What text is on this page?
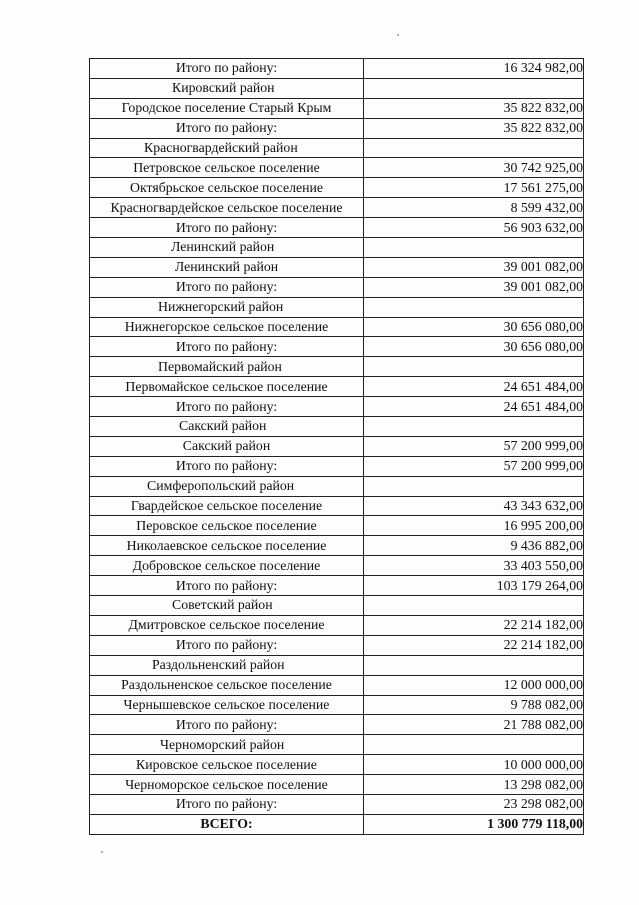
Итого по району:	16 324 982,00
Кировский район	
Городское поселение Старый Крым	35 822 832,00
Итого по району:	35 822 832,00
Красногвардейский район	
Петровское сельское поселение	30 742 925,00
Октябрьское сельское поселение	17 561 275,00
Красногвардейское сельское поселение	8 599 432,00
Итого по району:	56 903 632,00
Ленинский район	
Ленинский район	39 001 082,00
Итого по району:	39 001 082,00
Нижнегорский район	
Нижнегорское сельское поселение	30 656 080,00
Итого по району:	30 656 080,00
Первомайский район	
Первомайское сельское поселение	24 651 484,00
Итого по району:	24 651 484,00
Сакский район	
Сакский район	57 200 999,00
Итого по району:	57 200 999,00
Симферопольский район	
Гвардейское сельское поселение	43 343 632,00
Перовское сельское поселение	16 995 200,00
Николаевское сельское поселение	9 436 882,00
Добровское сельское поселение	33 403 550,00
Итого по району:	103 179 264,00
Советский район	
Дмитровское сельское поселение	22 214 182,00
Итого по району:	22 214 182,00
Раздольненский район	
Раздольненское сельское поселение	12 000 000,00
Чернышевское сельское поселение	9 788 082,00
Итого по району:	21 788 082,00
Черноморский район	
Кировское сельское поселение	10 000 000,00
Черноморское сельское поселение	13 298 082,00
Итого по району:	23 298 082,00
ВСЕГО:	1 300 779 118,00
